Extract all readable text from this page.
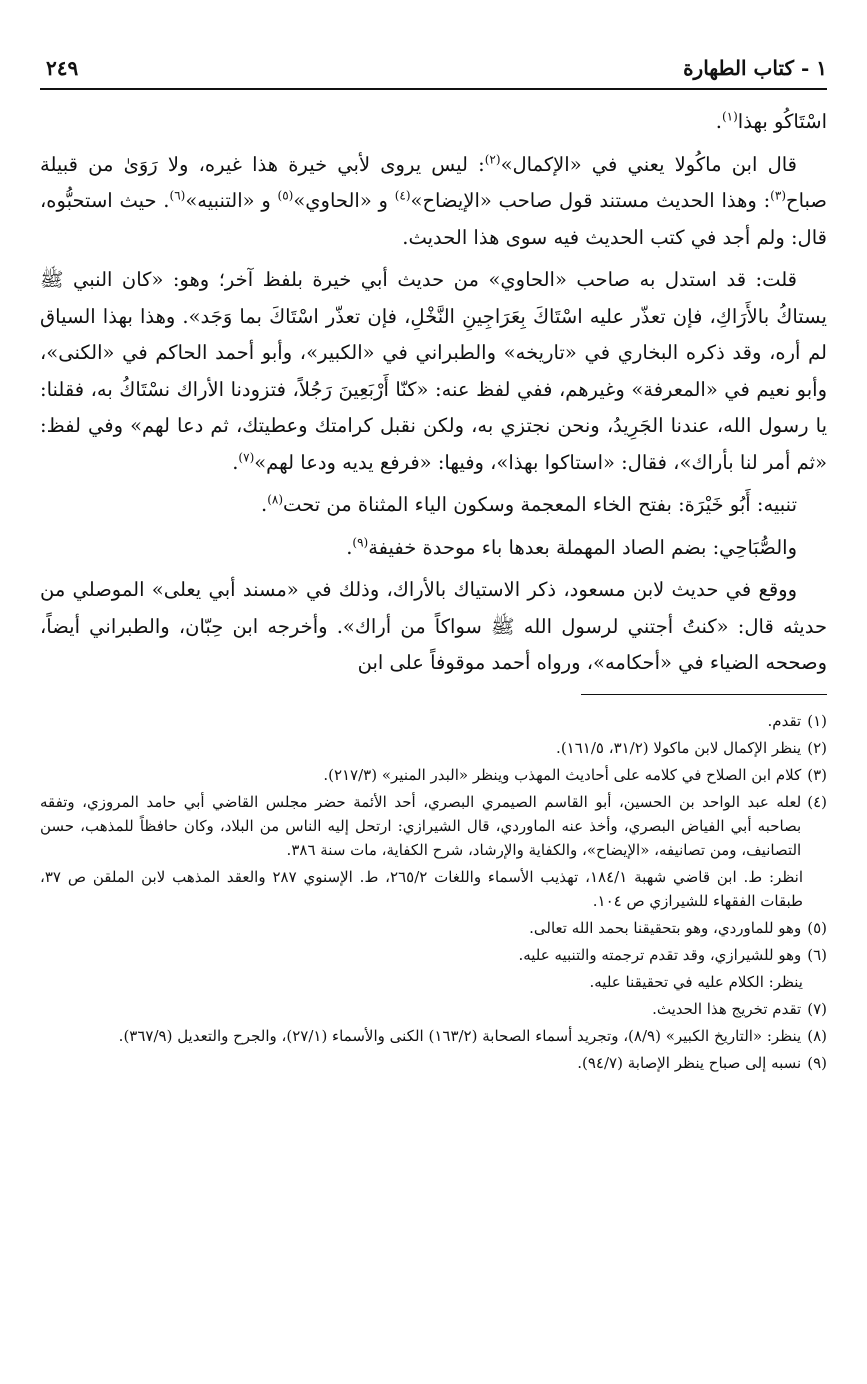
١ - كتاب الطهارة
٢٤٩

اسْتَاكُو بهذا$^{(١)}$.

قال ابن ماكُولا يعني في «الإكمال»$^{(٢)}$: ليس يروى لأبي خيرة هذا غيره، ولا رَوَىٰ من قبيلة صباح$^{(٣)}$: وهذا الحديث مستند قول صاحب «الإيضاح»$^{(٤)}$ و «الحاوي»$^{(٥)}$ و «التنبيه»$^{(٦)}$. حيث استحبُّوه، قال: ولم أجد في كتب الحديث فيه سوى هذا الحديث.

قلت: قد استدل به صاحب «الحاوي» من حديث أبي خيرة بلفظ آخر؛ وهو: «كان النبي ﷺ يستاكُ بالأَرَاكِ، فإن تعذّر عليه اسْتَاكَ بِعَرَاجِينِ النَّخْلِ، فإن تعذّر اسْتَاكَ بما وَجَد». وهذا بهذا السياق لم أره، وقد ذكره البخاري في «تاريخه» والطبراني في «الكبير»، وأبو أحمد الحاكم في «الكنى»، وأبو نعيم في «المعرفة» وغيرهم، ففي لفظ عنه: «كنّا أَرْبَعِينَ رَجُلاً، فتزودنا الأراك نسْتَاكُ به، فقلنا: يا رسول الله، عندنا الجَرِيدُ، ونحن نجتزي به، ولكن نقبل كرامتك وعطيتك، ثم دعا لهم» وفي لفظ: «ثم أمر لنا بأراك»، فقال: «استاكوا بهذا»، وفيها: «فرفع يديه ودعا لهم»$^{(٧)}$.

تنبيه: أَبُو خَيْرَة: بفتح الخاء المعجمة وسكون الياء المثناة من تحت$^{(٨)}$.

والصُّبَاحِي: بضم الصاد المهملة بعدها باء موحدة خفيفة$^{(٩)}$.

ووقع في حديث لابن مسعود، ذكر الاستياك بالأراك، وذلك في «مسند أبي يعلى» الموصلي من حديثه قال: «كنتُ أجتني لرسول الله ﷺ سواكاً من أراك». وأخرجه ابن حِبّان، والطبراني أيضاً، وصححه الضياء في «أحكامه»، ورواه أحمد موقوفاً على ابن

(١)
تقدم.
(٢)
ينظر الإكمال لابن ماكولا (٣١/٢، ١٦١/٥).
(٣)
كلام ابن الصلاح في كلامه على أحاديث المهذب وينظر «البدر المنير» (٢١٧/٣).
(٤)
لعله عبد الواحد بن الحسين، أبو القاسم الصيمري البصري، أحد الأئمة حضر مجلس القاضي أبي حامد المروزي، وتفقه بصاحبه أبي الفياض البصري، وأخذ عنه الماوردي، قال الشيرازي: ارتحل إليه الناس من البلاد، وكان حافظاً للمذهب، حسن التصانيف، ومن تصانيفه، «الإيضاح»، والكفاية والإرشاد، شرح الكفاية، مات سنة ٣٨٦.
انظر: ط. ابن قاضي شهبة ١٨٤/١، تهذيب الأسماء واللغات ٢٦٥/٢، ط. الإسنوي ٢٨٧ والعقد المذهب لابن الملقن ص ٣٧، طبقات الفقهاء للشيرازي ص ١٠٤.
(٥)
وهو للماوردي، وهو بتحقيقنا بحمد الله تعالى.
(٦)
وهو للشيرازي، وقد تقدم ترجمته والتنبيه عليه.
ينظر: الكلام عليه في تحقيقنا عليه.
(٧)
تقدم تخريج هذا الحديث.
(٨)
ينظر: «التاريخ الكبير» (٨/٩)، وتجريد أسماء الصحابة (١٦٣/٢) الكنى والأسماء (٢٧/١)، والجرح والتعديل (٣٦٧/٩).
(٩)
نسبه إلى صباح ينظر الإصابة (٩٤/٧).
